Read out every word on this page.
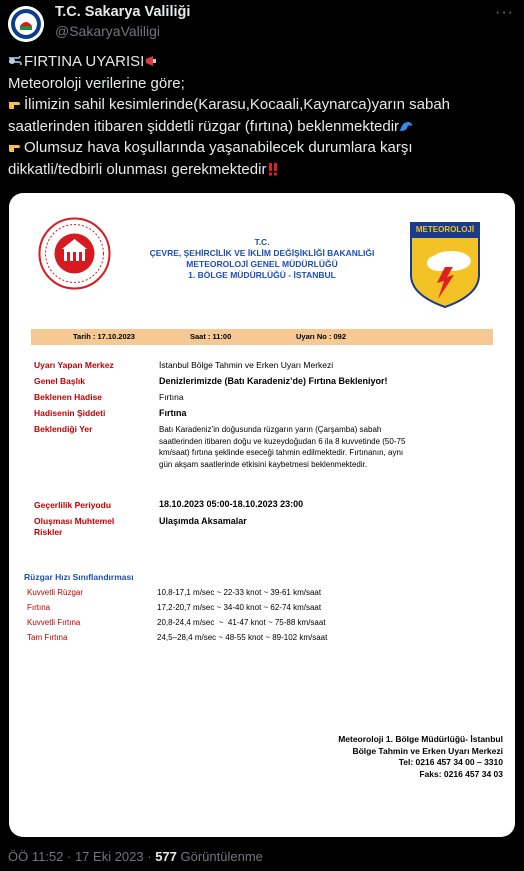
T.C. Sakarya Valiliği
@SakaryaValiligi
···
FIRTINA UYARISI
Meteoroloji verilerine göre;
İlimizin sahil kesimlerinde(Karasu,Kocaali,Kaynarca)yarın sabah
saatlerinden itibaren şiddetli rüzgar (fırtına) beklenmektedir
Olumsuz hava koşullarında yaşanabilecek durumlara karşı
dikkatli/tedbirli olunması gerekmektedir
T.C.
ÇEVRE, ŞEHİRCİLİK VE İKLİM DEĞİŞİKLİĞİ BAKANLIĞI
METEOROLOJİ GENEL MÜDÜRLÜĞÜ
1. BÖLGE MÜDÜRLÜĞÜ - İSTANBUL
METEOROLOJİ
Tarih : 17.10.2023	Saat : 11:00	Uyarı No : 092
Uyarı Yapan Merkez	İstanbul Bölge Tahmin ve Erken Uyarı Merkezi
Genel Başlık	Denizlerimizde (Batı Karadeniz’de) Fırtına Bekleniyor!
Beklenen Hadise	Fırtına
Hadisenin Şiddeti	Fırtına
Beklendiği Yer	Batı Karadeniz’in doğusunda rüzgarın yarın (Çarşamba) sabah
saatlerinden itibaren doğu ve kuzeydoğudan 6 ila 8 kuvvetinde (50-75
km/saat) fırtına şeklinde eseceği tahmin edilmektedir. Fırtınanın, aynı
gün akşam saatlerinde etkisini kaybetmesi beklenmektedir.
Geçerlilik Periyodu	18.10.2023 05:00-18.10.2023 23:00
Oluşması Muhtemel
Riskler
Ulaşımda Aksamalar
Rüzgar Hızı Sınıflandırması
Kuvvetli Rüzgar	10,8-17,1 m/sec ~ 22-33 knot ~ 39-61 km/saat
Fırtına	17,2-20,7 m/sec ~ 34-40 knot ~ 62-74 km/saat
Kuvvetli Fırtına	20,8-24,4 m/sec  ~  41-47 knot ~ 75-88 km/saat
Tam Fırtına	24,5–28,4 m/sec ~ 48-55 knot ~ 89-102 km/saat
Meteoroloji 1. Bölge Müdürlüğü- İstanbul
Bölge Tahmin ve Erken Uyarı Merkezi
Tel: 0216 457 34 00 – 3310
Faks: 0216 457 34 03
ÖÖ 11:52 · 17 Eki 2023 · 577 Görüntülenme
